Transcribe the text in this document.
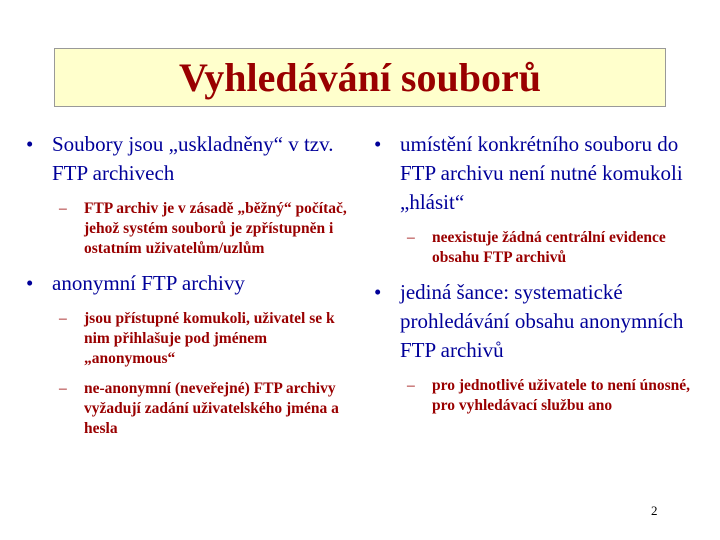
Vyhledávání souborů
• Soubory jsou „uskladněny“ v tzv. FTP archivech
– FTP archiv je v zásadě „běžný“ počítač, jehož systém souborů je zpřístupněn i ostatním uživatelům/uzlům
• anonymní FTP archivy
– jsou přístupné komukoli, uživatel se k nim přihlašuje pod jménem „anonymous“
– ne-anonymní (neveřejné) FTP archivy vyžadují zadání uživatelského jména a hesla
• umístění konkrétního souboru do FTP archivu není nutné komukoli „hlásit“
– neexistuje žádná centrální evidence obsahu FTP archivů
• jediná šance: systematické prohledávání obsahu anonymních FTP archivů
– pro jednotlivé uživatele to není únosné, pro vyhledávací službu ano
2
